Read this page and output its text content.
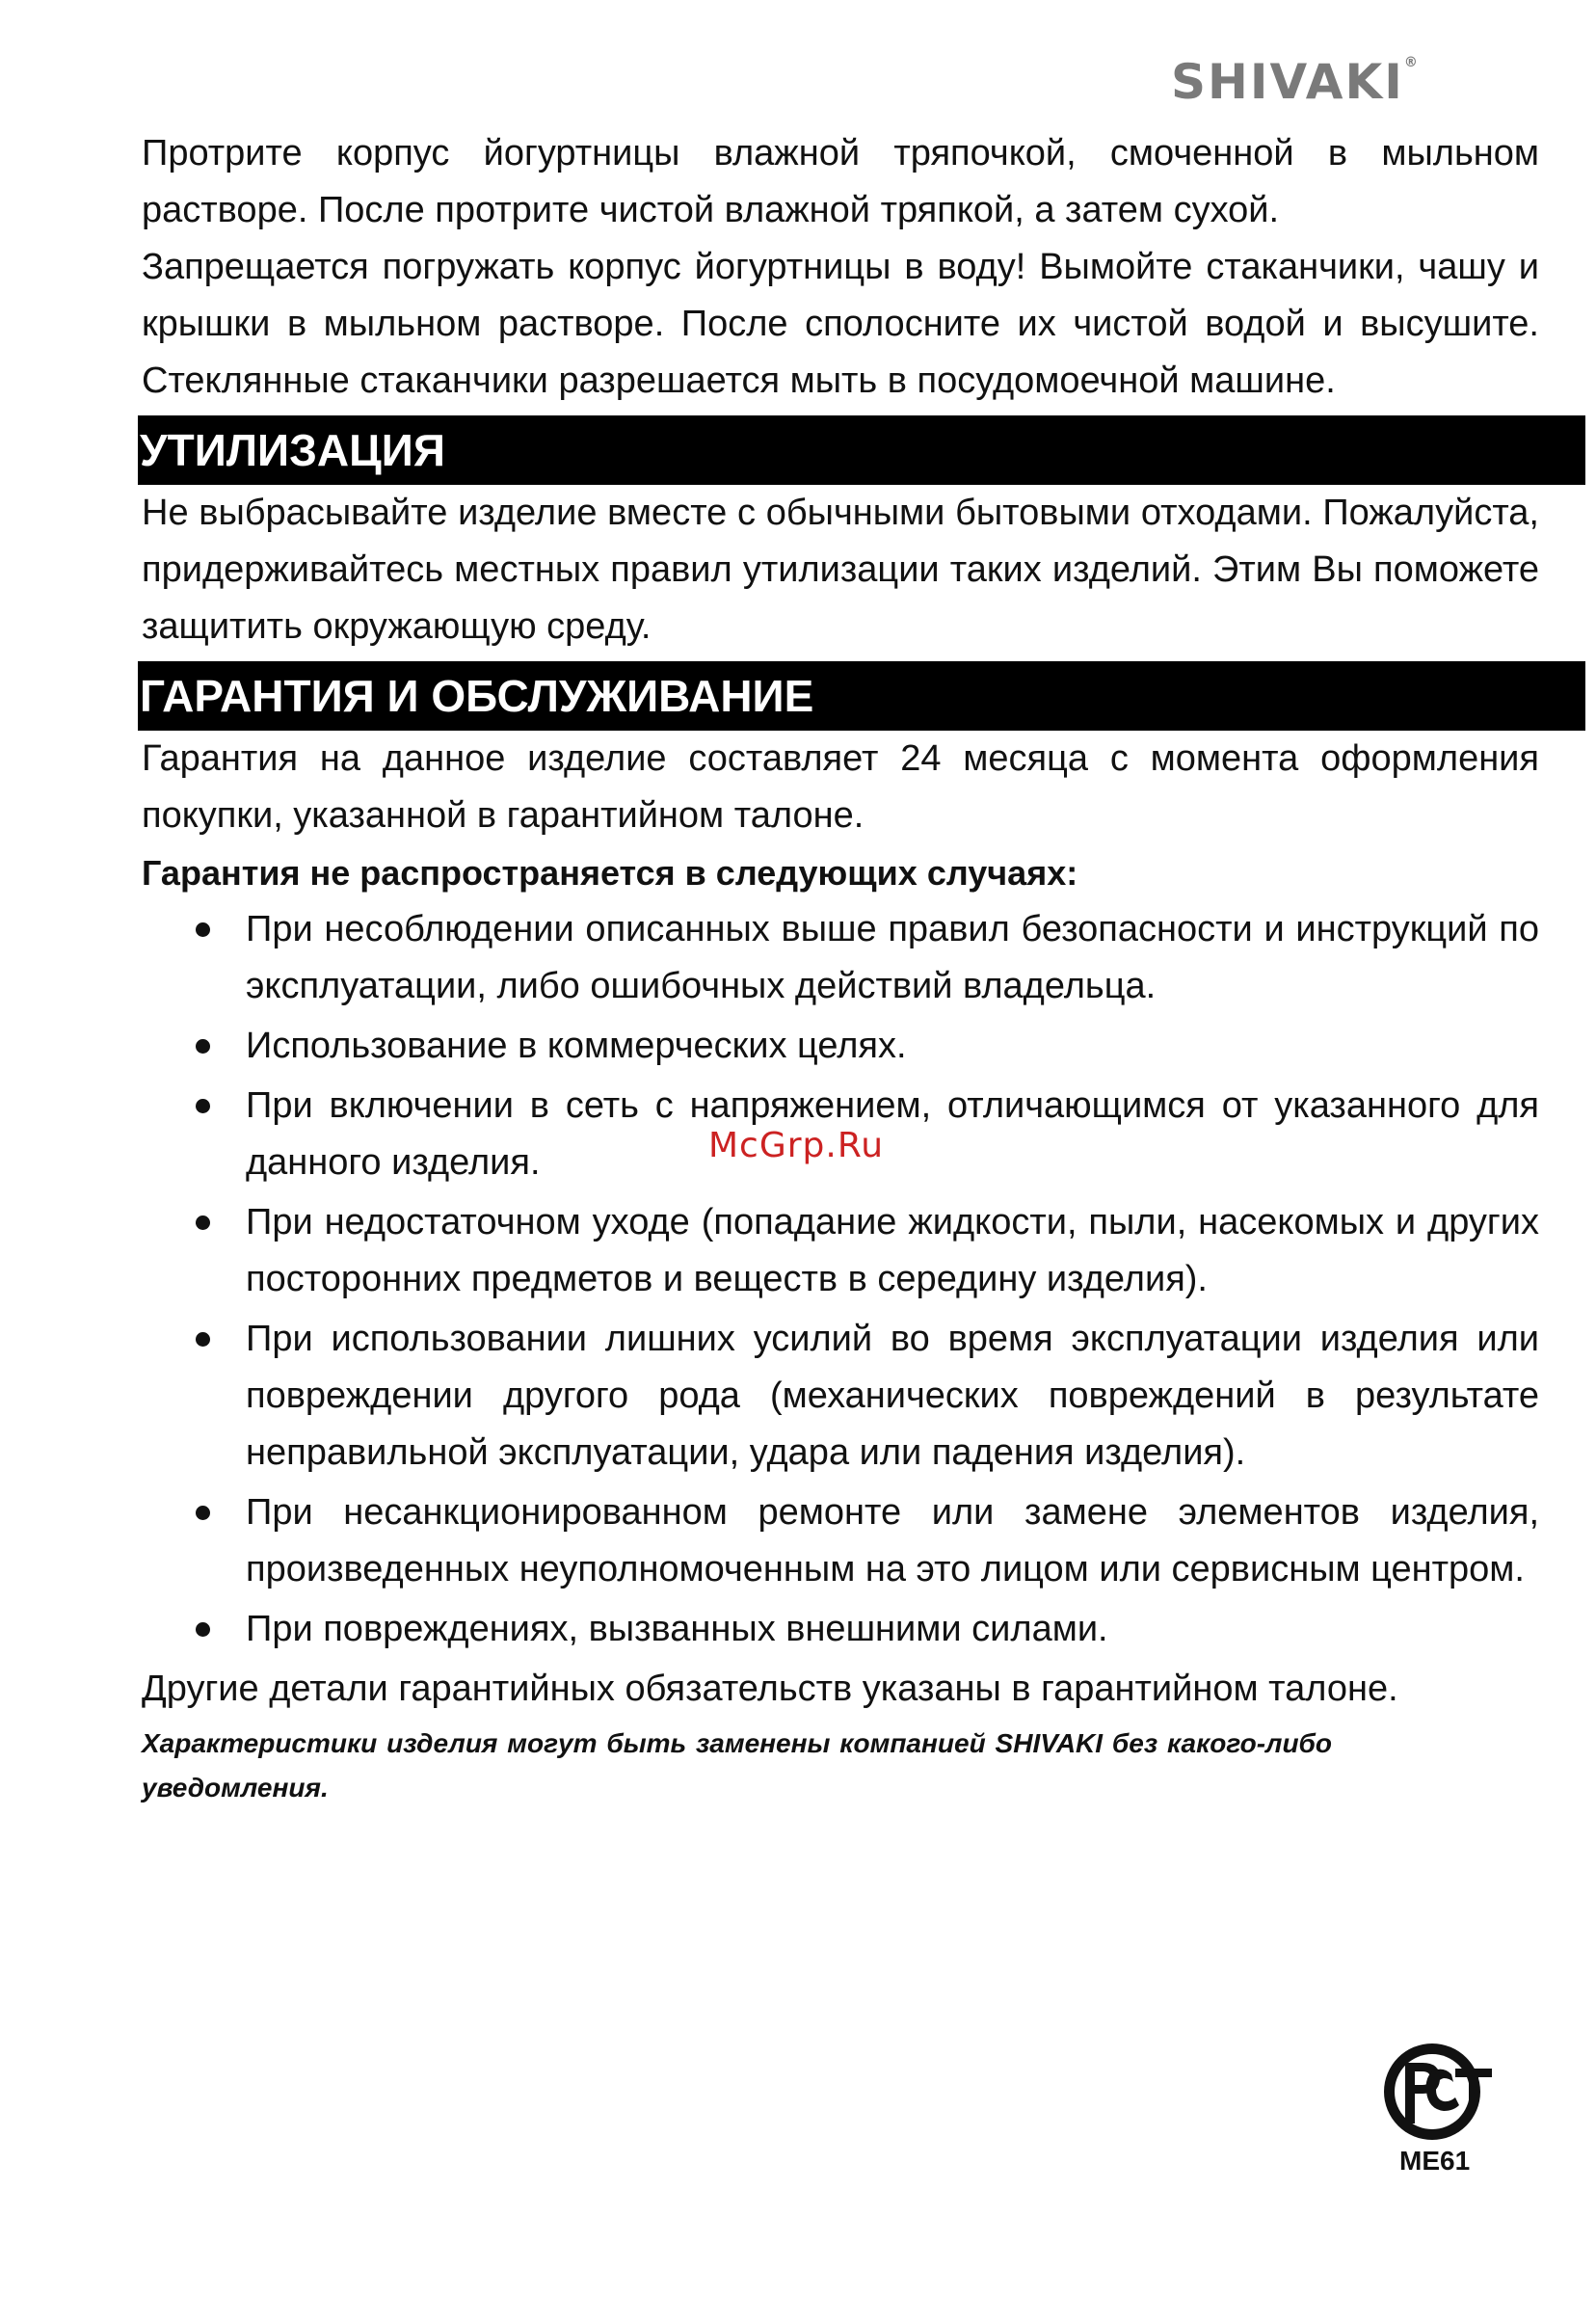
SHIVAKI®

Протрите корпус йогуртницы влажной тряпочкой, смоченной в мыльном растворе. После протрите чистой влажной тряпкой, а затем сухой.

Запрещается погружать корпус йогуртницы в воду! Вымойте стаканчики, чашу и крышки в мыльном растворе. После сполосните их чистой водой и высушите. Стеклянные стаканчики разрешается мыть в посудомоечной машине.

УТИЛИЗАЦИЯ

Не выбрасывайте изделие вместе с обычными бытовыми отходами. Пожалуйста, придерживайтесь местных правил утилизации таких изделий. Этим Вы поможете защитить окружающую среду.

ГАРАНТИЯ И ОБСЛУЖИВАНИЕ

Гарантия на данное изделие составляет 24 месяца с момента оформления покупки, указанной в гарантийном талоне.

Гарантия не распространяется в следующих случаях:

При несоблюдении описанных выше правил безопасности и инструкций по эксплуатации, либо ошибочных действий владельца.
Использование в коммерческих целях.
При включении в сеть с напряжением, отличающимся от указанного для данного изделия.
При недостаточном уходе (попадание жидкости, пыли, насекомых и других посторонних предметов и веществ в середину изделия).
При использовании лишних усилий во время эксплуатации изделия или повреждении другого рода (механических повреждений в результате неправильной эксплуатации, удара или падения изделия).
При несанкционированном ремонте или замене элементов изделия, произведенных неуполномоченным на это лицом или сервисным центром.
При повреждениях, вызванных внешними силами.

Другие детали гарантийных обязательств указаны в гарантийном талоне.

Характеристики изделия могут быть заменены компанией SHIVAKI без какого-либо уведомления.

McGrp.Ru
ME61
